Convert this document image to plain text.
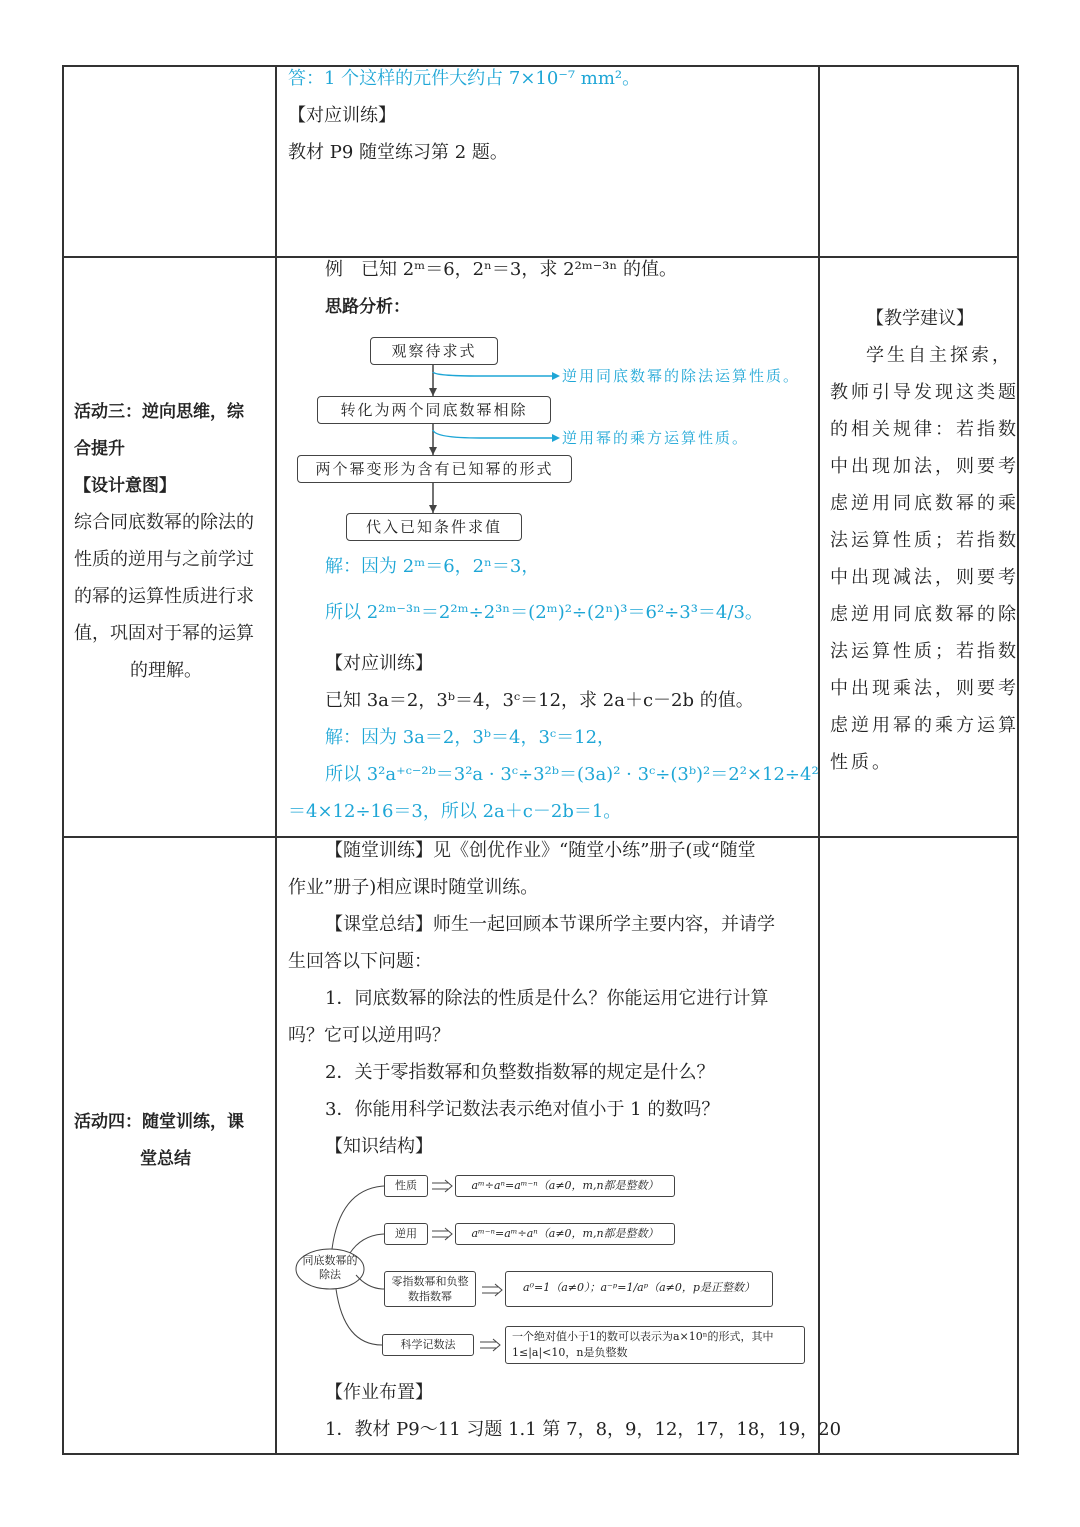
答：1 个这样的元件大约占 7×10⁻⁷ mm²。
【对应训练】
教材 P9 随堂练习第 2 题。
活动三：逆向思维，综
合提升
【设计意图】
综合同底数幂的除法的
性质的逆用与之前学过
的幂的运算性质进行求
值，巩固对于幂的运算
的理解。
例　已知 2ᵐ＝6，2ⁿ＝3，求 2²ᵐ⁻³ⁿ 的值。
思路分析：
观察待求式
转化为两个同底数幂相除
两个幂变形为含有已知幂的形式
代入已知条件求值
逆用同底数幂的除法运算性质。
逆用幂的乘方运算性质。
解：因为 2ᵐ＝6，2ⁿ＝3，
所以 2²ᵐ⁻³ⁿ＝2²ᵐ÷2³ⁿ＝(2ᵐ)²÷(2ⁿ)³＝6²÷3³＝4/3。
【对应训练】
已知 3a＝2，3ᵇ＝4，3ᶜ＝12，求 2a＋c－2b 的值。
解：因为 3a＝2，3ᵇ＝4，3ᶜ＝12，
所以 3²a⁺ᶜ⁻²ᵇ＝3²a · 3ᶜ÷3²ᵇ＝(3a)² · 3ᶜ÷(3ᵇ)²＝2²×12÷4²
＝4×12÷16＝3，所以 2a＋c－2b＝1。
【教学建议】
学生自主探索，
教师引导发现这类题
的相关规律：若指数
中出现加法，则要考
虑逆用同底数幂的乘
法运算性质；若指数
中出现减法，则要考
虑逆用同底数幂的除
法运算性质；若指数
中出现乘法，则要考
虑逆用幂的乘方运算
性质。
活动四：随堂训练，课
堂总结
【随堂训练】见《创优作业》“随堂小练”册子(或“随堂
作业”册子)相应课时随堂训练。
【课堂总结】师生一起回顾本节课所学主要内容，并请学
生回答以下问题：
1．同底数幂的除法的性质是什么？你能运用它进行计算
吗？它可以逆用吗？
2．关于零指数幂和负整数指数幂的规定是什么？
3．你能用科学记数法表示绝对值小于 1 的数吗？
【知识结构】
同底数幂的除法
性质	aᵐ÷aⁿ=aᵐ⁻ⁿ（a≠0，m,n都是整数）
逆用	aᵐ⁻ⁿ=aᵐ÷aⁿ（a≠0，m,n都是整数）
零指数幂和负整数指数幂
a⁰=1（a≠0）；a⁻ᵖ=1/aᵖ（a≠0，p是正整数）
科学记数法
一个绝对值小于1的数可以表示为a×10ⁿ的形式，其中1≤|a|<10，n是负整数
【作业布置】
1．教材 P9～11 习题 1.1 第 7，8，9，12，17，18，19，20
